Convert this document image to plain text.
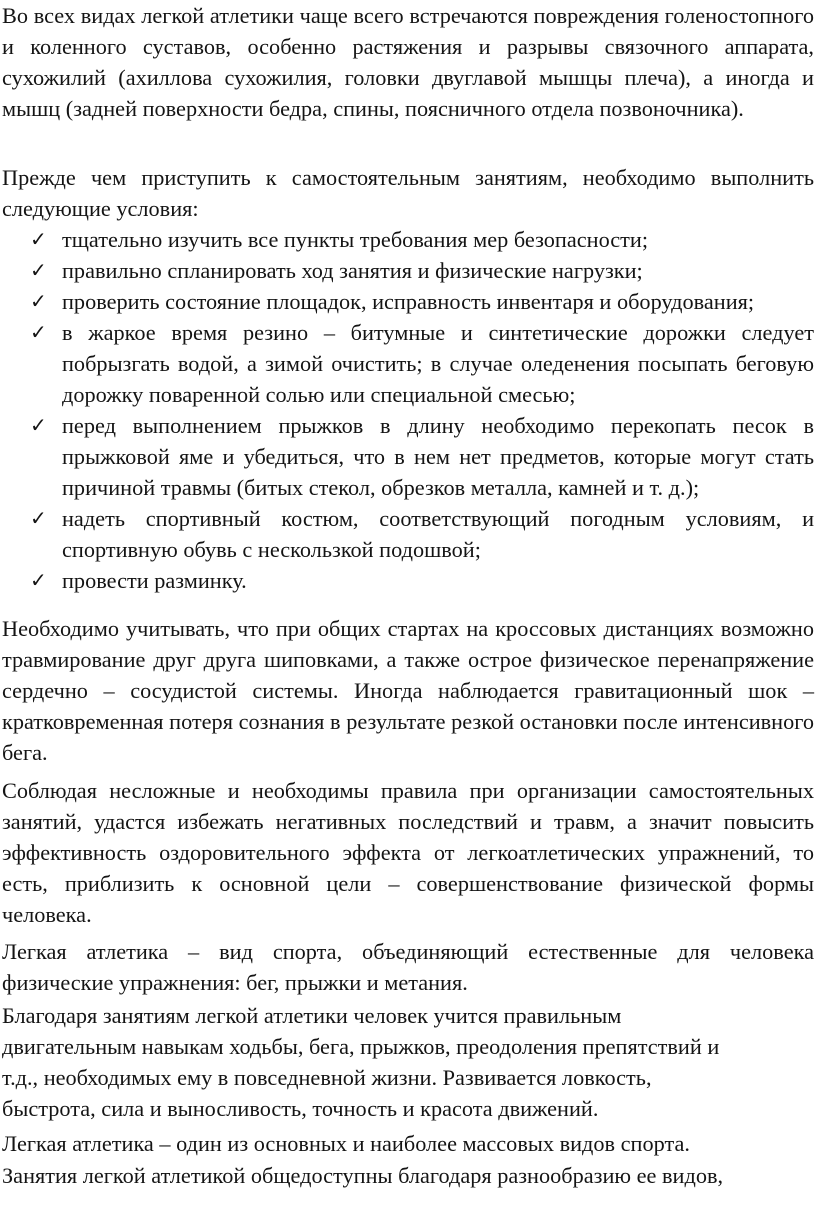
Во всех видах легкой атлетики чаще всего встречаются повреждения голеностопного и коленного суставов, особенно растяжения и разрывы связочного аппарата, сухожилий (ахиллова сухожилия, головки двуглавой мышцы плеча), а иногда и мышц (задней поверхности бедра, спины, поясничного отдела позвоночника).

Прежде чем приступить к самостоятельным занятиям, необходимо выполнить следующие условия:

✓ тщательно изучить все пункты требования мер безопасности;
✓ правильно спланировать ход занятия и физические нагрузки;
✓ проверить состояние площадок, исправность инвентаря и оборудования;
✓ в жаркое время резино – битумные и синтетические дорожки следует побрызгать водой, а зимой очистить; в случае оледенения посыпать беговую дорожку поваренной солью или специальной смесью;
✓ перед выполнением прыжков в длину необходимо перекопать песок в прыжковой яме и убедиться, что в нем нет предметов, которые могут стать причиной травмы (битых стекол, обрезков металла, камней и т. д.);
✓ надеть спортивный костюм, соответствующий погодным условиям, и спортивную обувь с нескользкой подошвой;
✓ провести разминку.

Необходимо учитывать, что при общих стартах на кроссовых дистанциях возможно травмирование друг друга шиповками, а также острое физическое перенапряжение сердечно – сосудистой системы. Иногда наблюдается гравитационный шок – кратковременная потеря сознания в результате резкой остановки после интенсивного бега.

Соблюдая несложные и необходимы правила при организации самостоятельных занятий, удастся избежать негативных последствий и травм, а значит повысить эффективность оздоровительного эффекта от легкоатлетических упражнений, то есть, приблизить к основной цели – совершенствование физической формы человека.

Легкая атлетика – вид спорта, объединяющий естественные для человека физические упражнения: бег, прыжки и метания.

Благодаря занятиям легкой атлетики человек учится правильным
двигательным навыкам ходьбы, бега, прыжков, преодоления препятствий и
т.д., необходимых ему в повседневной жизни. Развивается ловкость,
быстрота, сила и выносливость, точность и красота движений.

Легкая атлетика – один из основных и наиболее массовых видов спорта.

Занятия легкой атлетикой общедоступны благодаря разнообразию ее видов,
